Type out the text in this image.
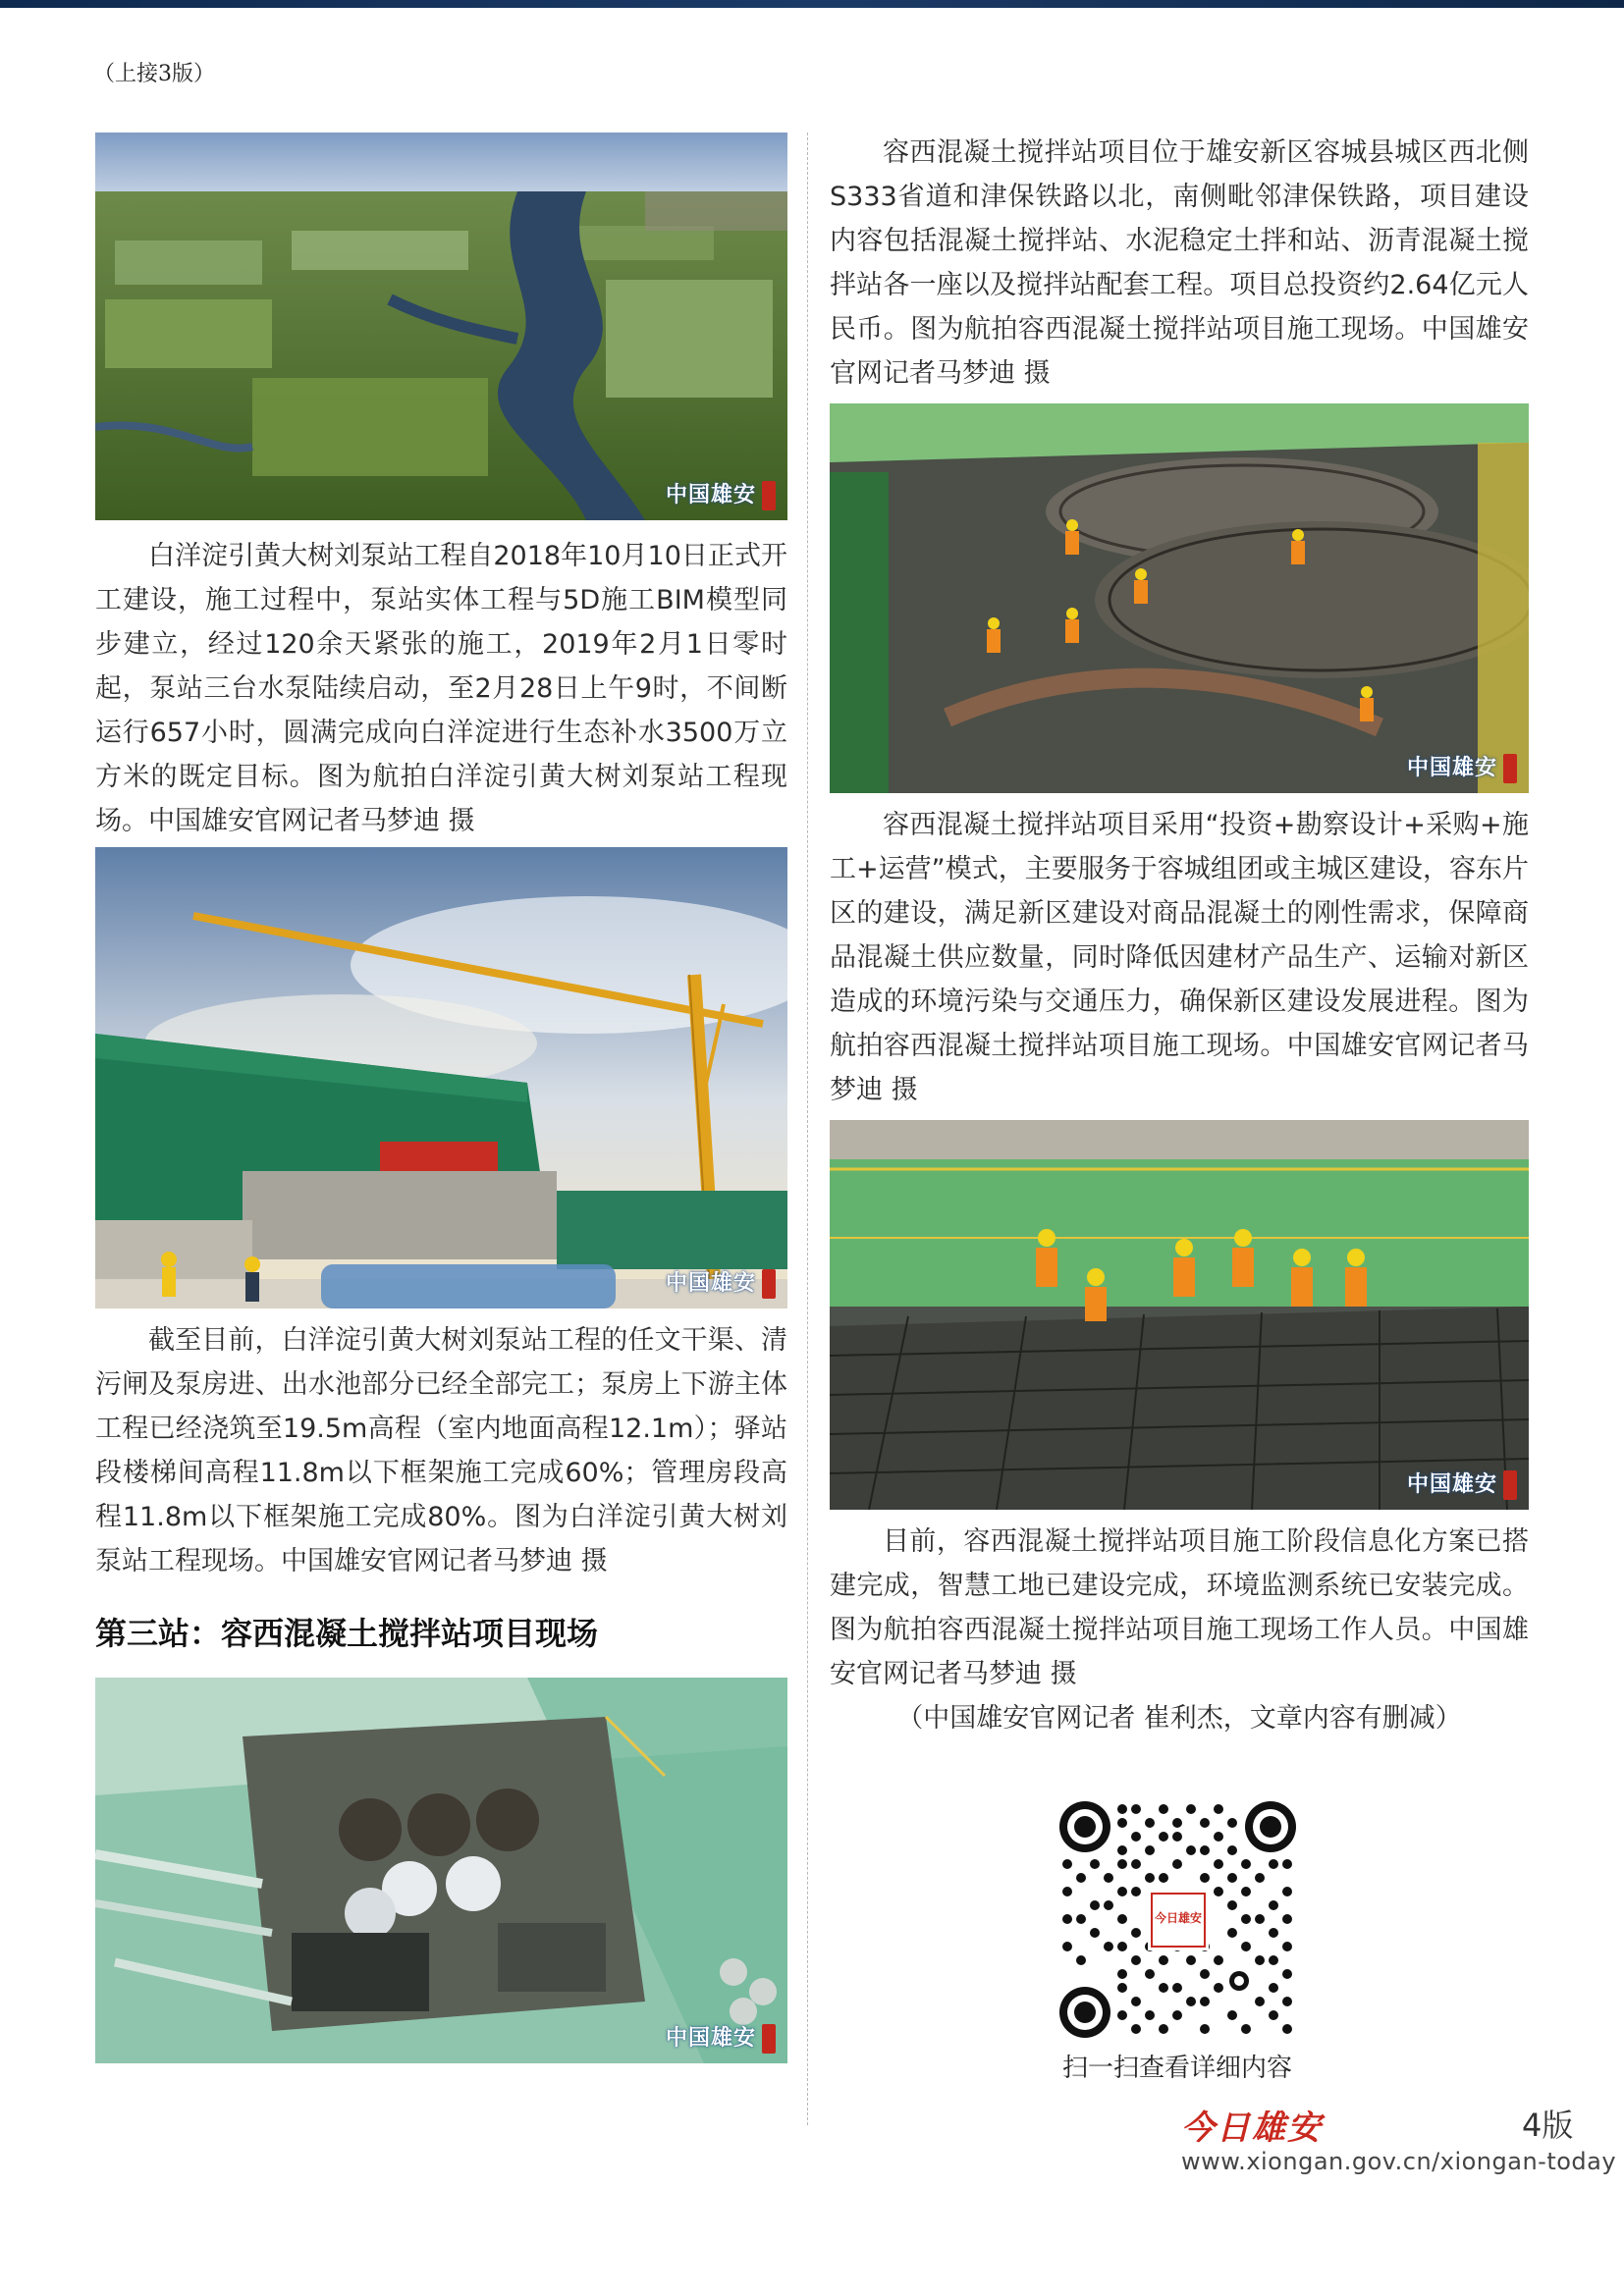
（上接3版）
中国雄安

白洋淀引黄大树刘泵站工程自2018年10月10日正式开工建设，施工过程中，泵站实体工程与5D施工BIM模型同步建立，经过120余天紧张的施工，2019年2月1日零时起，泵站三台水泵陆续启动，至2月28日上午9时，不间断运行657小时，圆满完成向白洋淀进行生态补水3500万立方米的既定目标。图为航拍白洋淀引黄大树刘泵站工程现场。中国雄安官网记者马梦迪 摄

中国雄安

截至目前，白洋淀引黄大树刘泵站工程的任文干渠、清污闸及泵房进、出水池部分已经全部完工；泵房上下游主体工程已经浇筑至19.5m高程（室内地面高程12.1m）；驿站段楼梯间高程11.8m以下框架施工完成60%；管理房段高程11.8m以下框架施工完成80%。图为白洋淀引黄大树刘泵站工程现场。中国雄安官网记者马梦迪 摄

第三站：容西混凝土搅拌站项目现场

中国雄安

容西混凝土搅拌站项目位于雄安新区容城县城区西北侧S333省道和津保铁路以北，南侧毗邻津保铁路，项目建设内容包括混凝土搅拌站、水泥稳定土拌和站、沥青混凝土搅拌站各一座以及搅拌站配套工程。项目总投资约2.64亿元人民币。图为航拍容西混凝土搅拌站项目施工现场。中国雄安官网记者马梦迪 摄

中国雄安

容西混凝土搅拌站项目采用“投资+勘察设计+采购+施工+运营”模式，主要服务于容城组团或主城区建设，容东片区的建设，满足新区建设对商品混凝土的刚性需求，保障商品混凝土供应数量，同时降低因建材产品生产、运输对新区造成的环境污染与交通压力，确保新区建设发展进程。图为航拍容西混凝土搅拌站项目施工现场。中国雄安官网记者马梦迪 摄

中国雄安

目前，容西混凝土搅拌站项目施工阶段信息化方案已搭建完成，智慧工地已建设完成，环境监测系统已安装完成。图为航拍容西混凝土搅拌站项目施工现场工作人员。中国雄安官网记者马梦迪 摄

（中国雄安官网记者 崔利杰，文章内容有删减）

今日雄安
扫一扫查看详细内容
今日雄安	4版
www.xiongan.gov.cn/xiongan-today
